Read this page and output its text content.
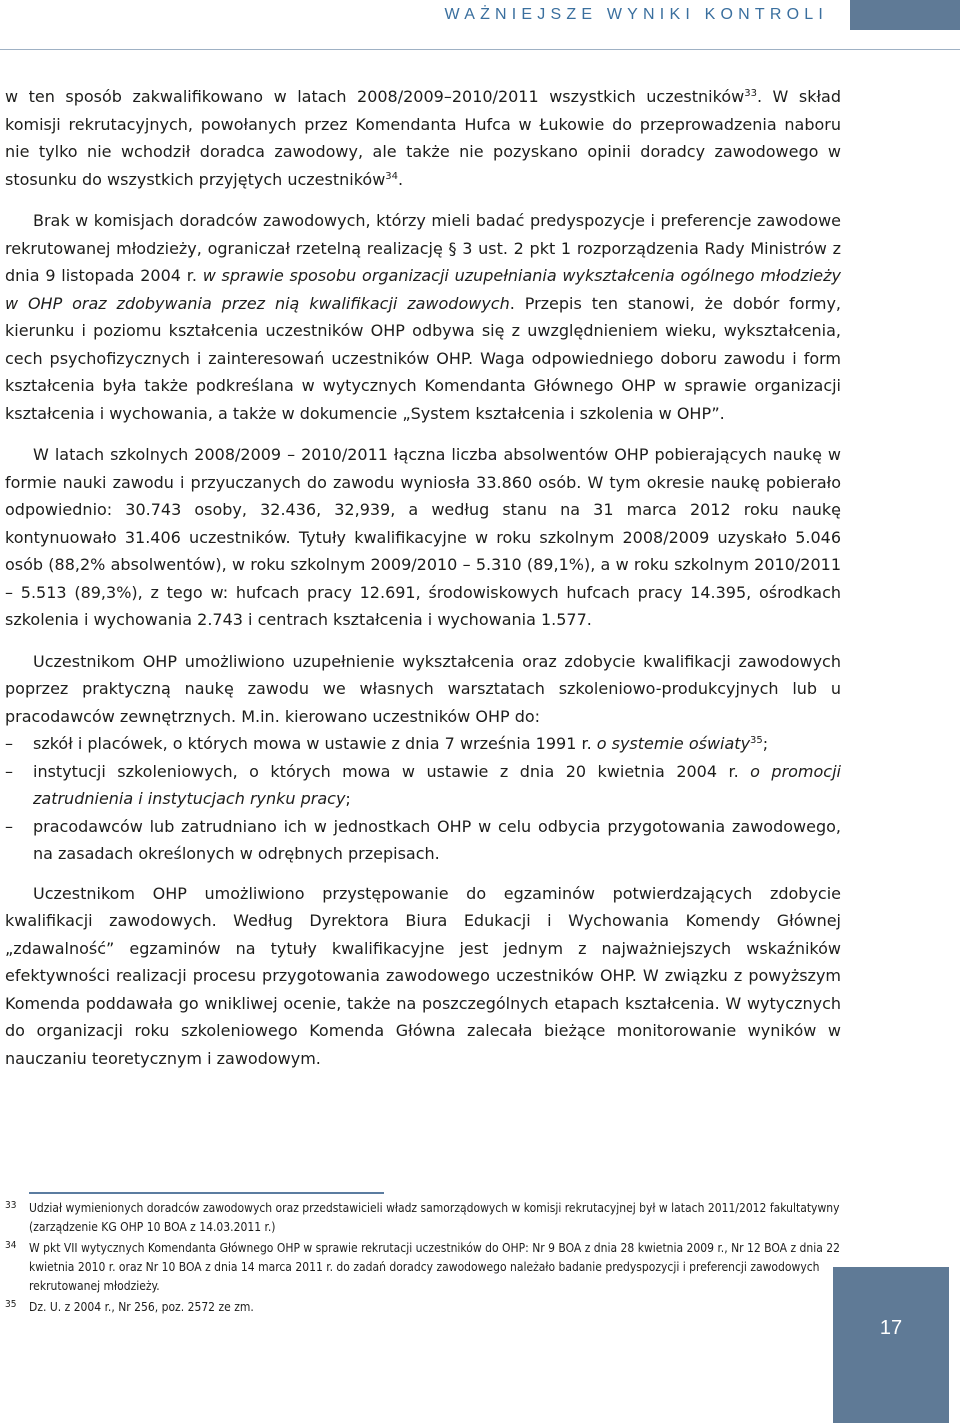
WAŻNIEJSZE WYNIKI KONTROLI

w ten sposób zakwalifikowano w latach 2008/2009–2010/2011 wszystkich uczestników$^{33}$. W skład komisji rekrutacyjnych, powołanych przez Komendanta Hufca w Łukowie do przeprowadzenia naboru nie tylko nie wchodził doradca zawodowy, ale także nie pozyskano opinii doradcy zawodowego w stosunku do wszystkich przyjętych uczestników$^{34}$.

Brak w komisjach doradców zawodowych, którzy mieli badać predyspozycje i preferencje zawodowe rekrutowanej młodzieży, ograniczał rzetelną realizację § 3 ust. 2 pkt 1 rozporządzenia Rady Ministrów z dnia 9 listopada 2004 r. w sprawie sposobu organizacji uzupełniania wykształcenia ogólnego młodzieży w OHP oraz zdobywania przez nią kwalifikacji zawodowych. Przepis ten stanowi, że dobór formy, kierunku i poziomu kształcenia uczestników OHP odbywa się z uwzględnieniem wieku, wykształcenia, cech psychofizycznych i zainteresowań uczestników OHP. Waga odpowiedniego doboru zawodu i form kształcenia była także podkreślana w wytycznych Komendanta Głównego OHP w sprawie organizacji kształcenia i wychowania, a także w dokumencie „System kształcenia i szkolenia w OHP”.

W latach szkolnych 2008/2009 – 2010/2011 łączna liczba absolwentów OHP pobierających naukę w formie nauki zawodu i przyuczanych do zawodu wyniosła 33.860 osób. W tym okresie naukę pobierało odpowiednio: 30.743 osoby, 32.436, 32,939, a według stanu na 31 marca 2012 roku naukę kontynuowało 31.406 uczestników. Tytuły kwalifikacyjne w roku szkolnym 2008/2009 uzyskało 5.046 osób (88,2% absolwentów), w roku szkolnym 2009/2010 – 5.310 (89,1%), a w roku szkolnym 2010/2011 – 5.513 (89,3%), z tego w: hufcach pracy 12.691, środowiskowych hufcach pracy 14.395, ośrodkach szkolenia i wychowania 2.743 i centrach kształcenia i wychowania 1.577.

Uczestnikom OHP umożliwiono uzupełnienie wykształcenia oraz zdobycie kwalifikacji zawodowych poprzez praktyczną naukę zawodu we własnych warsztatach szkoleniowo-produkcyjnych lub u pracodawców zewnętrznych. M.in. kierowano uczestników OHP do:

– szkół i placówek, o których mowa w ustawie z dnia 7 września 1991 r. o systemie oświaty$^{35}$;
– instytucji szkoleniowych, o których mowa w ustawie z dnia 20 kwietnia 2004 r. o promocji zatrudnienia i instytucjach rynku pracy;
– pracodawców lub zatrudniano ich w jednostkach OHP w celu odbycia przygotowania zawodowego, na zasadach określonych w odrębnych przepisach.

Uczestnikom OHP umożliwiono przystępowanie do egzaminów potwierdzających zdobycie kwalifikacji zawodowych. Według Dyrektora Biura Edukacji i Wychowania Komendy Głównej „zdawalność” egzaminów na tytuły kwalifikacyjne jest jednym z najważniejszych wskaźników efektywności realizacji procesu przygotowania zawodowego uczestników OHP. W związku z powyższym Komenda poddawała go wnikliwej ocenie, także na poszczególnych etapach kształcenia. W wytycznych do organizacji roku szkoleniowego Komenda Główna zalecała bieżące monitorowanie wyników w nauczaniu teoretycznym i zawodowym.

33 Udział wymienionych doradców zawodowych oraz przedstawicieli władz samorządowych w komisji rekrutacyjnej był w latach 2011/2012 fakultatywny (zarządzenie KG OHP 10 BOA z 14.03.2011 r.)
34 W pkt VII wytycznych Komendanta Głównego OHP w sprawie rekrutacji uczestników do OHP: Nr 9 BOA z dnia 28 kwietnia 2009 r., Nr 12 BOA z dnia 22 kwietnia 2010 r. oraz Nr 10 BOA z dnia 14 marca 2011 r. do zadań doradcy zawodowego należało badanie predyspozycji i preferencji zawodowych rekrutowanej młodzieży.
35 Dz. U. z 2004 r., Nr 256, poz. 2572 ze zm.
17
